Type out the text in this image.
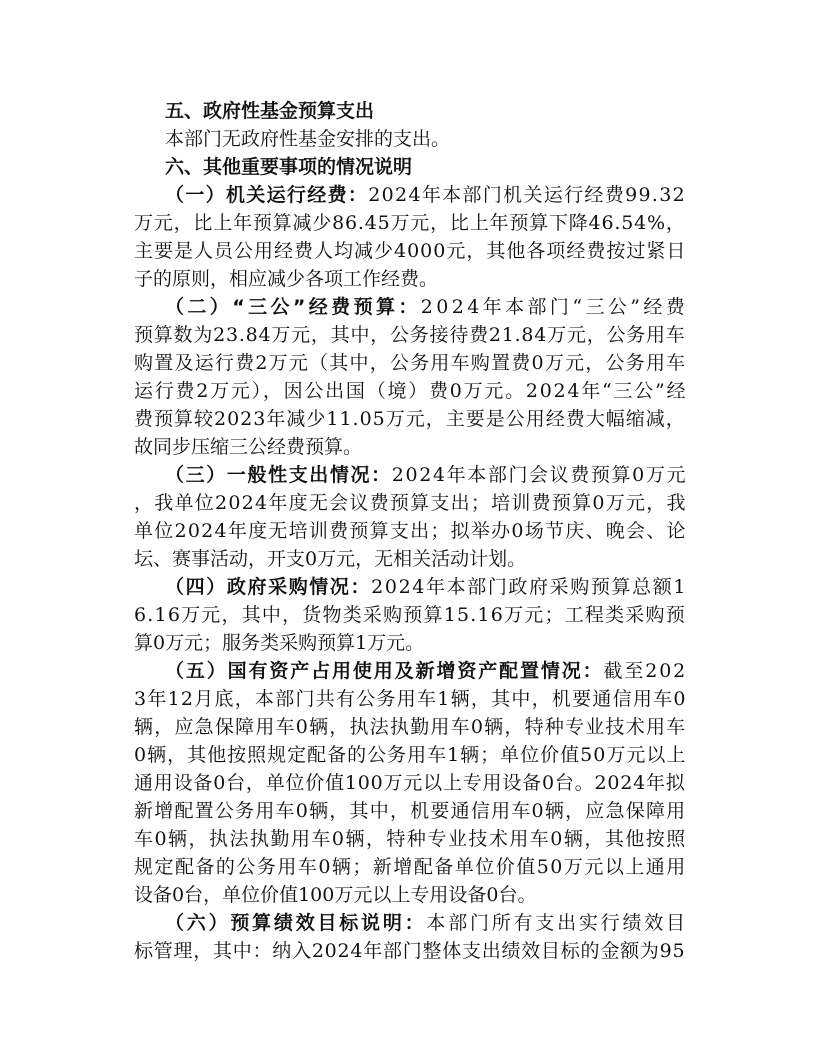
五、政府性基金预算支出
本部门无政府性基金安排的支出。
六、其他重要事项的情况说明
（一）机关运行经费：2024年本部门机关运行经费99.32
万元，比上年预算减少86.45万元，比上年预算下降46.54%，
主要是人员公用经费人均减少4000元，其他各项经费按过紧日
子的原则，相应减少各项工作经费。
（二）“三公”经费预算：2024年本部门“三公”经费
预算数为23.84万元，其中，公务接待费21.84万元，公务用车
购置及运行费2万元（其中，公务用车购置费0万元，公务用车
运行费2万元），因公出国（境）费0万元。2024年“三公”经
费预算较2023年减少11.05万元，主要是公用经费大幅缩减，
故同步压缩三公经费预算。
（三）一般性支出情况：2024年本部门会议费预算0万元
，我单位2024年度无会议费预算支出；培训费预算0万元，我
单位2024年度无培训费预算支出；拟举办0场节庆、晚会、论
坛、赛事活动，开支0万元，无相关活动计划。
（四）政府采购情况：2024年本部门政府采购预算总额1
6.16万元，其中，货物类采购预算15.16万元；工程类采购预
算0万元；服务类采购预算1万元。
（五）国有资产占用使用及新增资产配置情况：截至202
3年12月底，本部门共有公务用车1辆，其中，机要通信用车0
辆，应急保障用车0辆，执法执勤用车0辆，特种专业技术用车
0辆，其他按照规定配备的公务用车1辆；单位价值50万元以上
通用设备0台，单位价值100万元以上专用设备0台。2024年拟
新增配置公务用车0辆，其中，机要通信用车0辆，应急保障用
车0辆，执法执勤用车0辆，特种专业技术用车0辆，其他按照
规定配备的公务用车0辆；新增配备单位价值50万元以上通用
设备0台，单位价值100万元以上专用设备0台。
（六）预算绩效目标说明：本部门所有支出实行绩效目
标管理，其中：纳入2024年部门整体支出绩效目标的金额为95
